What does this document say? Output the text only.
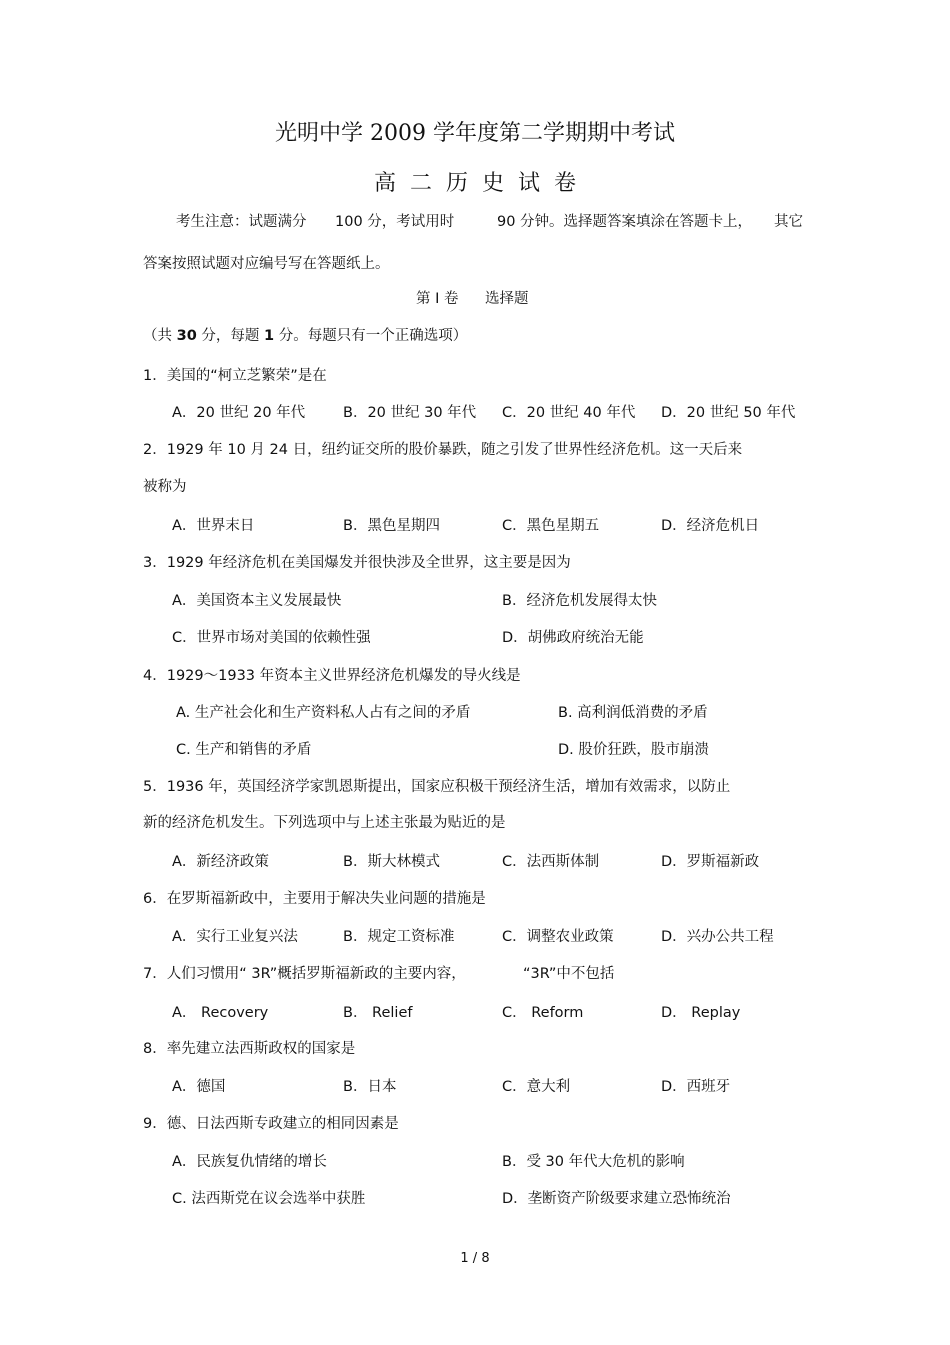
光明中学 2009 学年度第二学期期中考试
高二历史试卷
考生注意：试题满分 100 分，考试用时	90 分钟。选择题答案填涂在答题卡上， 其它
答案按照试题对应编号写在答题纸上。
第 I 卷 选择题
（共 30 分，每题 1 分。每题只有一个正确选项）
1．美国的“柯立芝繁荣”是在
A．20 世纪 20 年代	B．20 世纪 30 年代 C．20 世纪 40 年代 D．20 世纪 50 年代
2．1929 年 10 月 24 日，纽约证交所的股价暴跌，随之引发了世界性经济危机。这一天后来
被称为
A．世界末日	B．黑色星期四	C．黑色星期五	D．经济危机日
3．1929 年经济危机在美国爆发并很快涉及全世界，这主要是因为
A．美国资本主义发展最快	B．经济危机发展得太快
C．世界市场对美国的依赖性强	D．胡佛政府统治无能
4．1929～1933 年资本主义世界经济危机爆发的导火线是
A. 生产社会化和生产资料私人占有之间的矛盾	B. 高利润低消费的矛盾
C. 生产和销售的矛盾	D. 股价狂跌，股市崩溃
5．1936 年，英国经济学家凯恩斯提出，国家应积极干预经济生活，增加有效需求，以防止
新的经济危机发生。下列选项中与上述主张最为贴近的是
A．新经济政策	B．斯大林模式	C．法西斯体制	D．罗斯福新政
6．在罗斯福新政中，主要用于解决失业问题的措施是
A．实行工业复兴法	B．规定工资标准	C．调整农业政策	D．兴办公共工程
7．人们习惯用“ 3R”概括罗斯福新政的主要内容，	“3R”中不包括
A． Recovery	B． Relief	C． Reform	D． Replay
8．率先建立法西斯政权的国家是
A．德国	B．日本	C．意大利	D．西班牙
9．德、日法西斯专政建立的相同因素是
A．民族复仇情绪的增长	B．受 30 年代大危机的影响
C. 法西斯党在议会选举中获胜	D．垄断资产阶级要求建立恐怖统治
1 / 8
